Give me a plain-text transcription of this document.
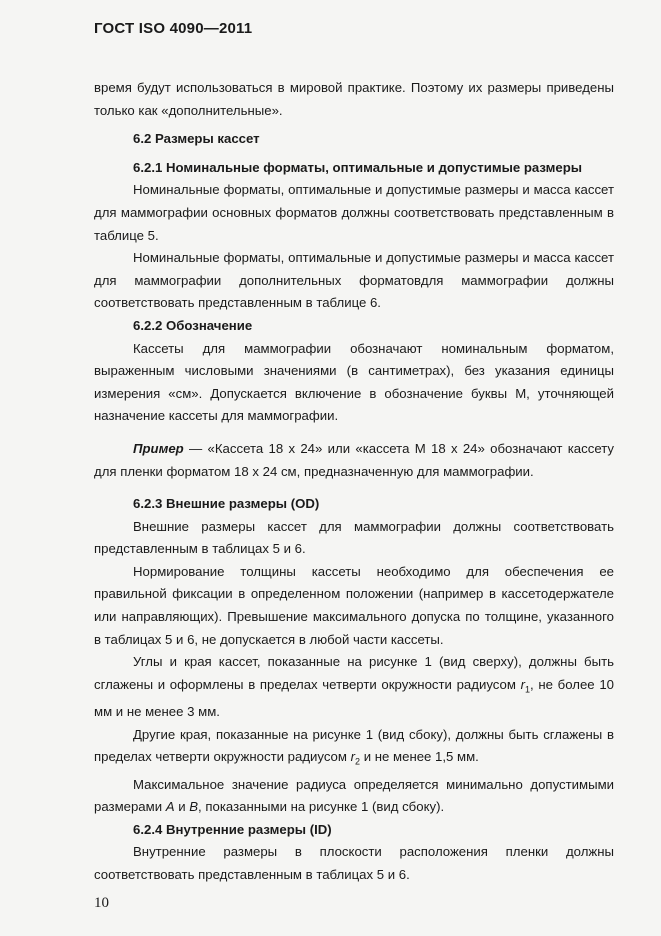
ГОСТ ISO 4090—2011

время будут использоваться в мировой практике. Поэтому их размеры приведены только как «дополнительные».

6.2 Размеры кассет

6.2.1 Номинальные форматы, оптимальные и допустимые размеры

Номинальные форматы, оптимальные и допустимые размеры и масса кассет для маммографии основных форматов должны соответствовать представленным в таблице 5.

Номинальные форматы, оптимальные и допустимые размеры и масса кассет для маммографии дополнительных форматовдля маммографии должны соответствовать представленным в таблице 6.

6.2.2 Обозначение

Кассеты для маммографии обозначают номинальным форматом, выраженным числовыми значениями (в сантиметрах), без указания единицы измерения «см». Допускается включение в обозначение буквы М, уточняющей назначение кассеты для маммографии.

Пример — «Кассета 18 х 24» или «кассета М 18 х 24» обозначают кассету для пленки форматом 18 х 24 см, предназначенную для маммографии.

6.2.3 Внешние размеры (OD)

Внешние размеры кассет для маммографии должны соответствовать представленным в таблицах 5 и 6.

Нормирование толщины кассеты необходимо для обеспечения ее правильной фиксации в определенном положении (например в кассетодержателе или направляющих). Превышение максимального допуска по толщине, указанного в таблицах 5 и 6, не допускается в любой части кассеты.

Углы и края кассет, показанные на рисунке 1 (вид сверху), должны быть сглажены и оформлены в пределах четверти окружности радиусом $r_1$, не более 10 мм и не менее 3 мм.

Другие края, показанные на рисунке 1 (вид сбоку), должны быть сглажены в пределах четверти окружности радиусом $r_2$ и не менее 1,5 мм.

Максимальное значение радиуса определяется минимально допустимыми размерами А и В, показанными на рисунке 1 (вид сбоку).

6.2.4 Внутренние размеры (ID)

Внутренние размеры в плоскости расположения пленки должны соответствовать представленным в таблицах 5 и 6.

10
